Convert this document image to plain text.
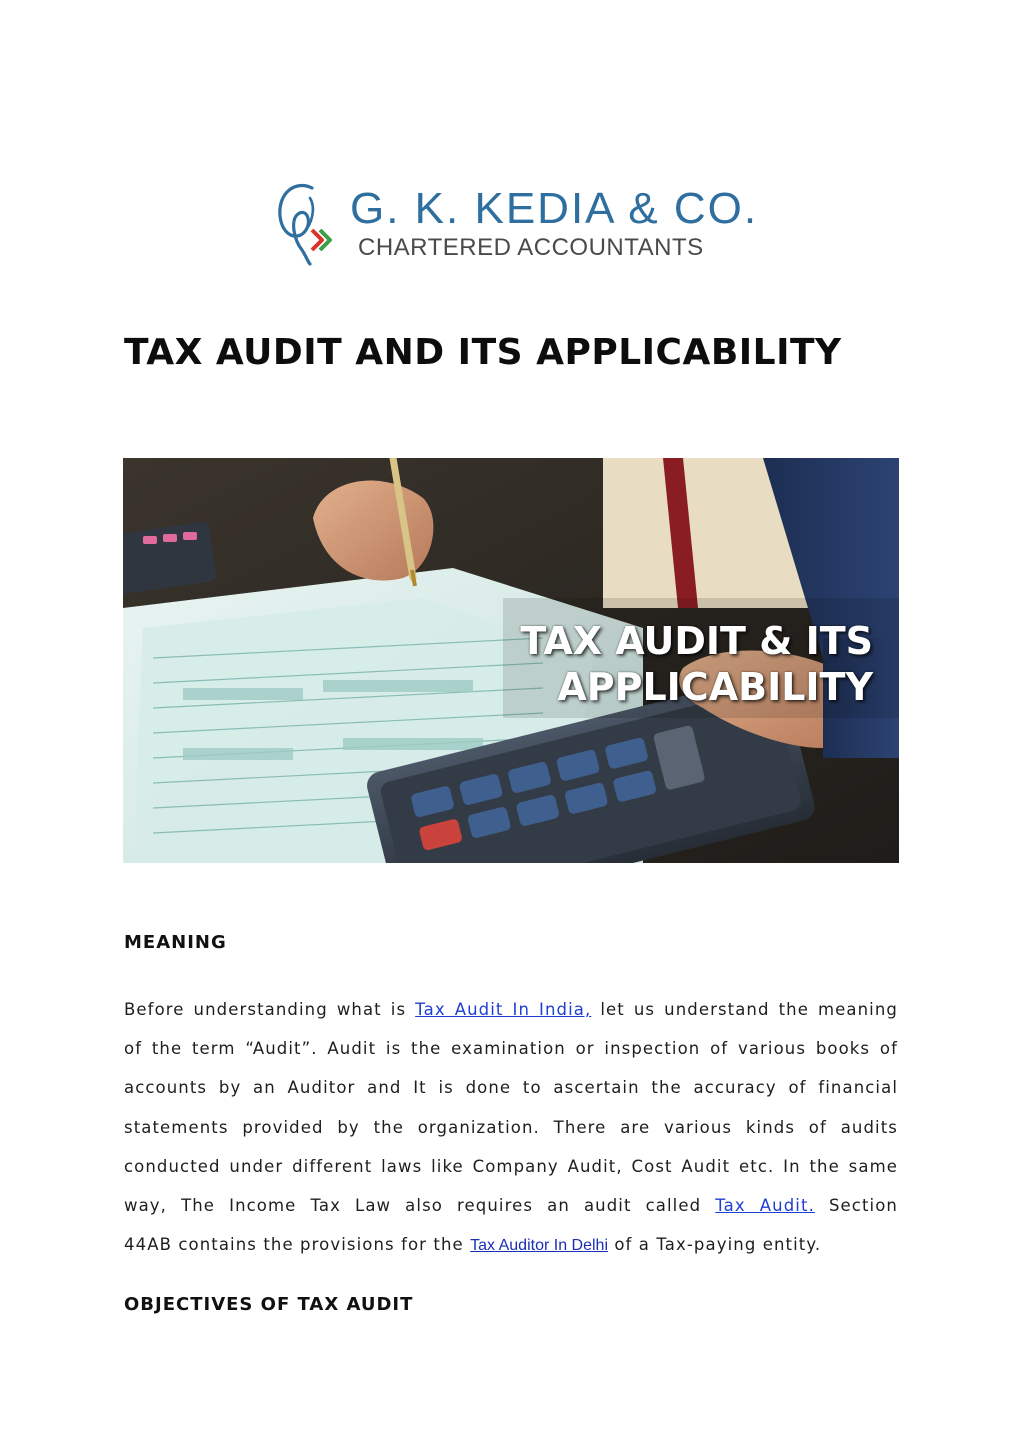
G. K. KEDIA & CO.
CHARTERED ACCOUNTANTS
TAX AUDIT AND ITS APPLICABILITY
TAX AUDIT & ITS
APPLICABILITY
MEANING
Before understanding what is Tax Audit In India, let us understand the meaning
of the term “Audit”. Audit is the examination or inspection of various books of
accounts by an Auditor and It is done to ascertain the accuracy of financial
statements provided by the organization. There are various kinds of audits
conducted under different laws like Company Audit, Cost Audit etc. In the same
way, The Income Tax Law also requires an audit called Tax Audit. Section
44AB contains the provisions for the Tax Auditor In Delhi of a Tax-paying entity.
OBJECTIVES OF TAX AUDIT
